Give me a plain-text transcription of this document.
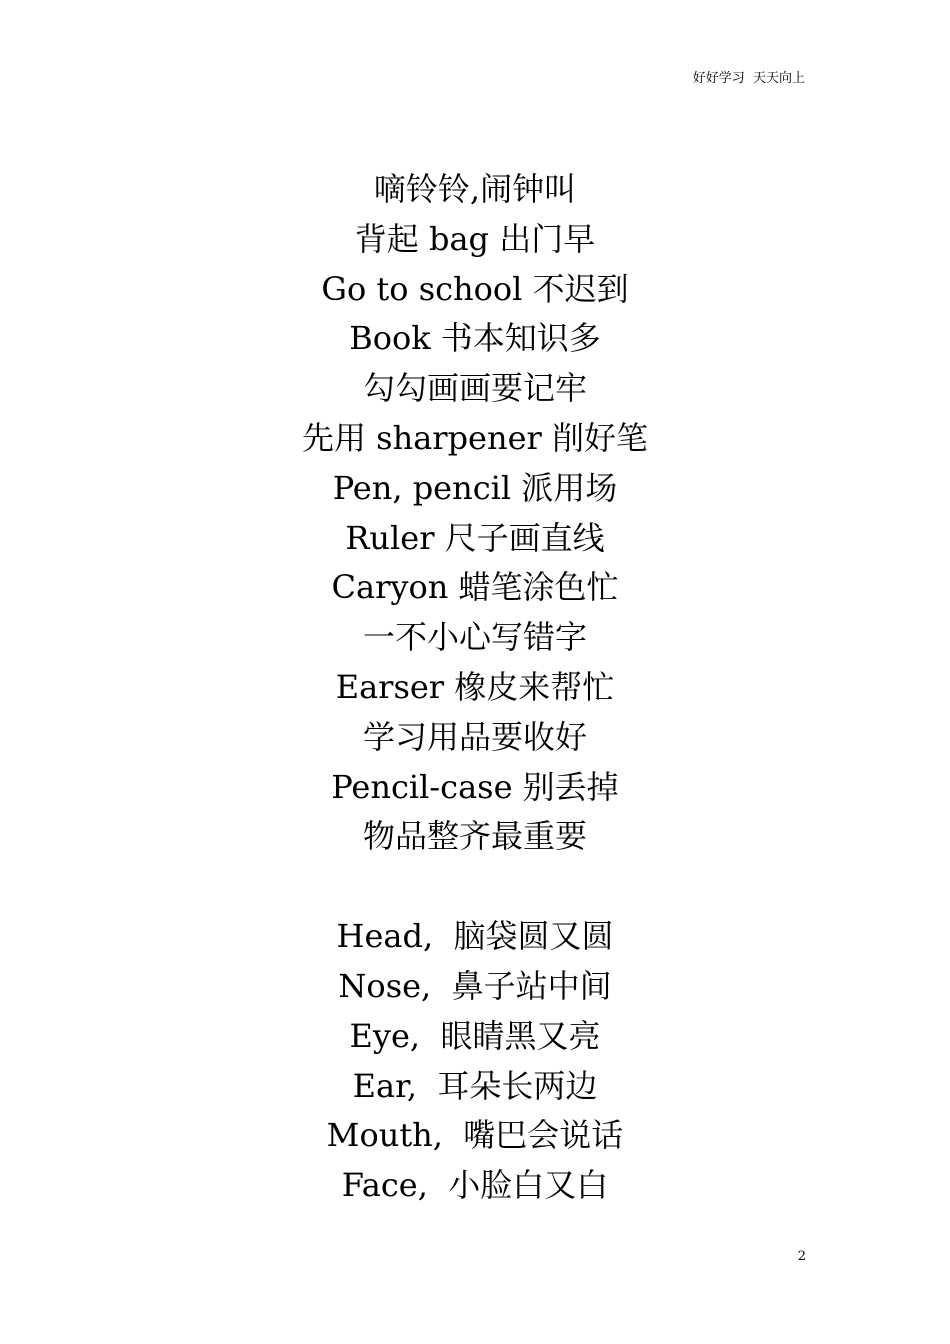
好好学习  天天向上
嘀铃铃,闹钟叫
背起 bag 出门早
Go to school 不迟到
Book 书本知识多
勾勾画画要记牢
先用 sharpener 削好笔
Pen, pencil 派用场
Ruler 尺子画直线
Caryon 蜡笔涂色忙
一不小心写错字
Earser 橡皮来帮忙
学习用品要收好
Pencil-case 别丢掉
物品整齐最重要
Head,  脑袋圆又圆
Nose,  鼻子站中间
Eye,  眼睛黑又亮
Ear,  耳朵长两边
Mouth,  嘴巴会说话
Face,  小脸白又白
2
